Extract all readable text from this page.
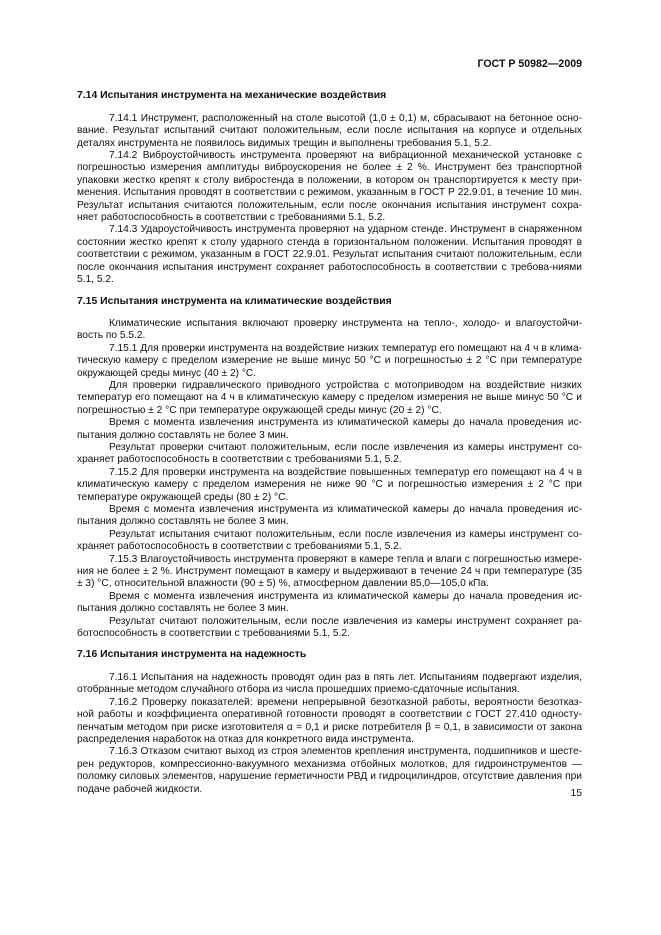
ГОСТ Р 50982—2009
7.14 Испытания инструмента на механические воздействия

7.14.1 Инструмент, расположенный на столе высотой (1,0 ± 0,1) м, сбрасывают на бетонное осно-вание. Результат испытаний считают положительным, если после испытания на корпусе и отдельных деталях инструмента не появилось видимых трещин и выполнены требования 5.1, 5.2.

7.14.2 Виброустойчивость инструмента проверяют на вибрационной механической установке с погрешностью измерения амплитуды виброускорения не более ± 2 %. Инструмент без транспортной упаковки жестко крепят к столу вибростенда в положении, в котором он транспортируется к месту при-менения. Испытания проводят в соответствии с режимом, указанным в ГОСТ Р 22.9.01, в течение 10 мин. Результат испытания считаются положительным, если после окончания испытания инструмент сохра-няет работоспособность в соответствии с требованиями 5.1, 5.2.

7.14.3 Удароустойчивость инструмента проверяют на ударном стенде. Инструмент в снаряженном состоянии жестко крепят к столу ударного стенда в горизонтальном положении. Испытания проводят в соответствии с режимом, указанным в ГОСТ 22.9.01. Результат испытания считают положительным, если после окончания испытания инструмент сохраняет работоспособность в соответствии с требова-ниями 5.1, 5.2.

7.15 Испытания инструмента на климатические воздействия

Климатические испытания включают проверку инструмента на тепло-, холодо- и влагоустойчи-вость по 5.5.2.

7.15.1 Для проверки инструмента на воздействие низких температур его помещают на 4 ч в клима-тическую камеру с пределом измерение не выше минус 50 °C и погрешностью ± 2 °C при температуре окружающей среды минус (40 ± 2) °C.

Для проверки гидравлического приводного устройства с мотоприводом на воздействие низких температур его помещают на 4 ч в климатическую камеру с пределом измерения не выше минус 50 °C и погрешностью ± 2 °C при температуре окружающей среды минус (20 ± 2) °C.

Время с момента извлечения инструмента из климатической камеры до начала проведения ис-пытания должно составлять не более 3 мин.

Результат проверки считают положительным, если после извлечения из камеры инструмент со-храняет работоспособность в соответствии с требованиями 5.1, 5.2.

7.15.2 Для проверки инструмента на воздействие повышенных температур его помещают на 4 ч в климатическую камеру с пределом измерения не ниже 90 °C и погрешностью измерения ± 2 °C при температуре окружающей среды (80 ± 2) °C.

Время с момента извлечения инструмента из климатической камеры до начала проведения ис-пытания должно составлять не более 3 мин.

Результат испытания считают положительным, если после извлечения из камеры инструмент со-храняет работоспособность в соответствии с требованиями 5.1, 5.2.

7.15.3 Влагоустойчивость инструмента проверяют в камере тепла и влаги с погрешностью измере-ния не более ± 2 %. Инструмент помещают в камеру и выдерживают в течение 24 ч при температуре (35 ± 3) °C, относительной влажности (90 ± 5) %, атмосферном давлении 85,0—105,0 кПа.

Время с момента извлечения инструмента из климатической камеры до начала проведения ис-пытания должно составлять не более 3 мин.

Результат считают положительным, если после извлечения из камеры инструмент сохраняет ра-ботоспособность в соответствии с требованиями 5.1, 5.2.

7.16 Испытания инструмента на надежность

7.16.1 Испытания на надежность проводят один раз в пять лет. Испытаниям подвергают изделия, отобранные методом случайного отбора из числа прошедших приемо-сдаточные испытания.

7.16.2 Проверку показателей: времени непрерывной безотказной работы, вероятности безотказ-ной работы и коэффициента оперативной готовности проводят в соответствии с ГОСТ 27.410 односту-пенчатым методом при риске изготовителя α = 0,1 и риске потребителя β = 0,1, в зависимости от закона распределения наработок на отказ для конкретного вида инструмента.

7.16.3 Отказом считают выход из строя элементов крепления инструмента, подшипников и шесте-рен редукторов, компрессионно-вакуумного механизма отбойных молотков, для гидроинструментов — поломку силовых элементов, нарушение герметичности РВД и гидроцилиндров, отсутствие давления при подаче рабочей жидкости.	15
